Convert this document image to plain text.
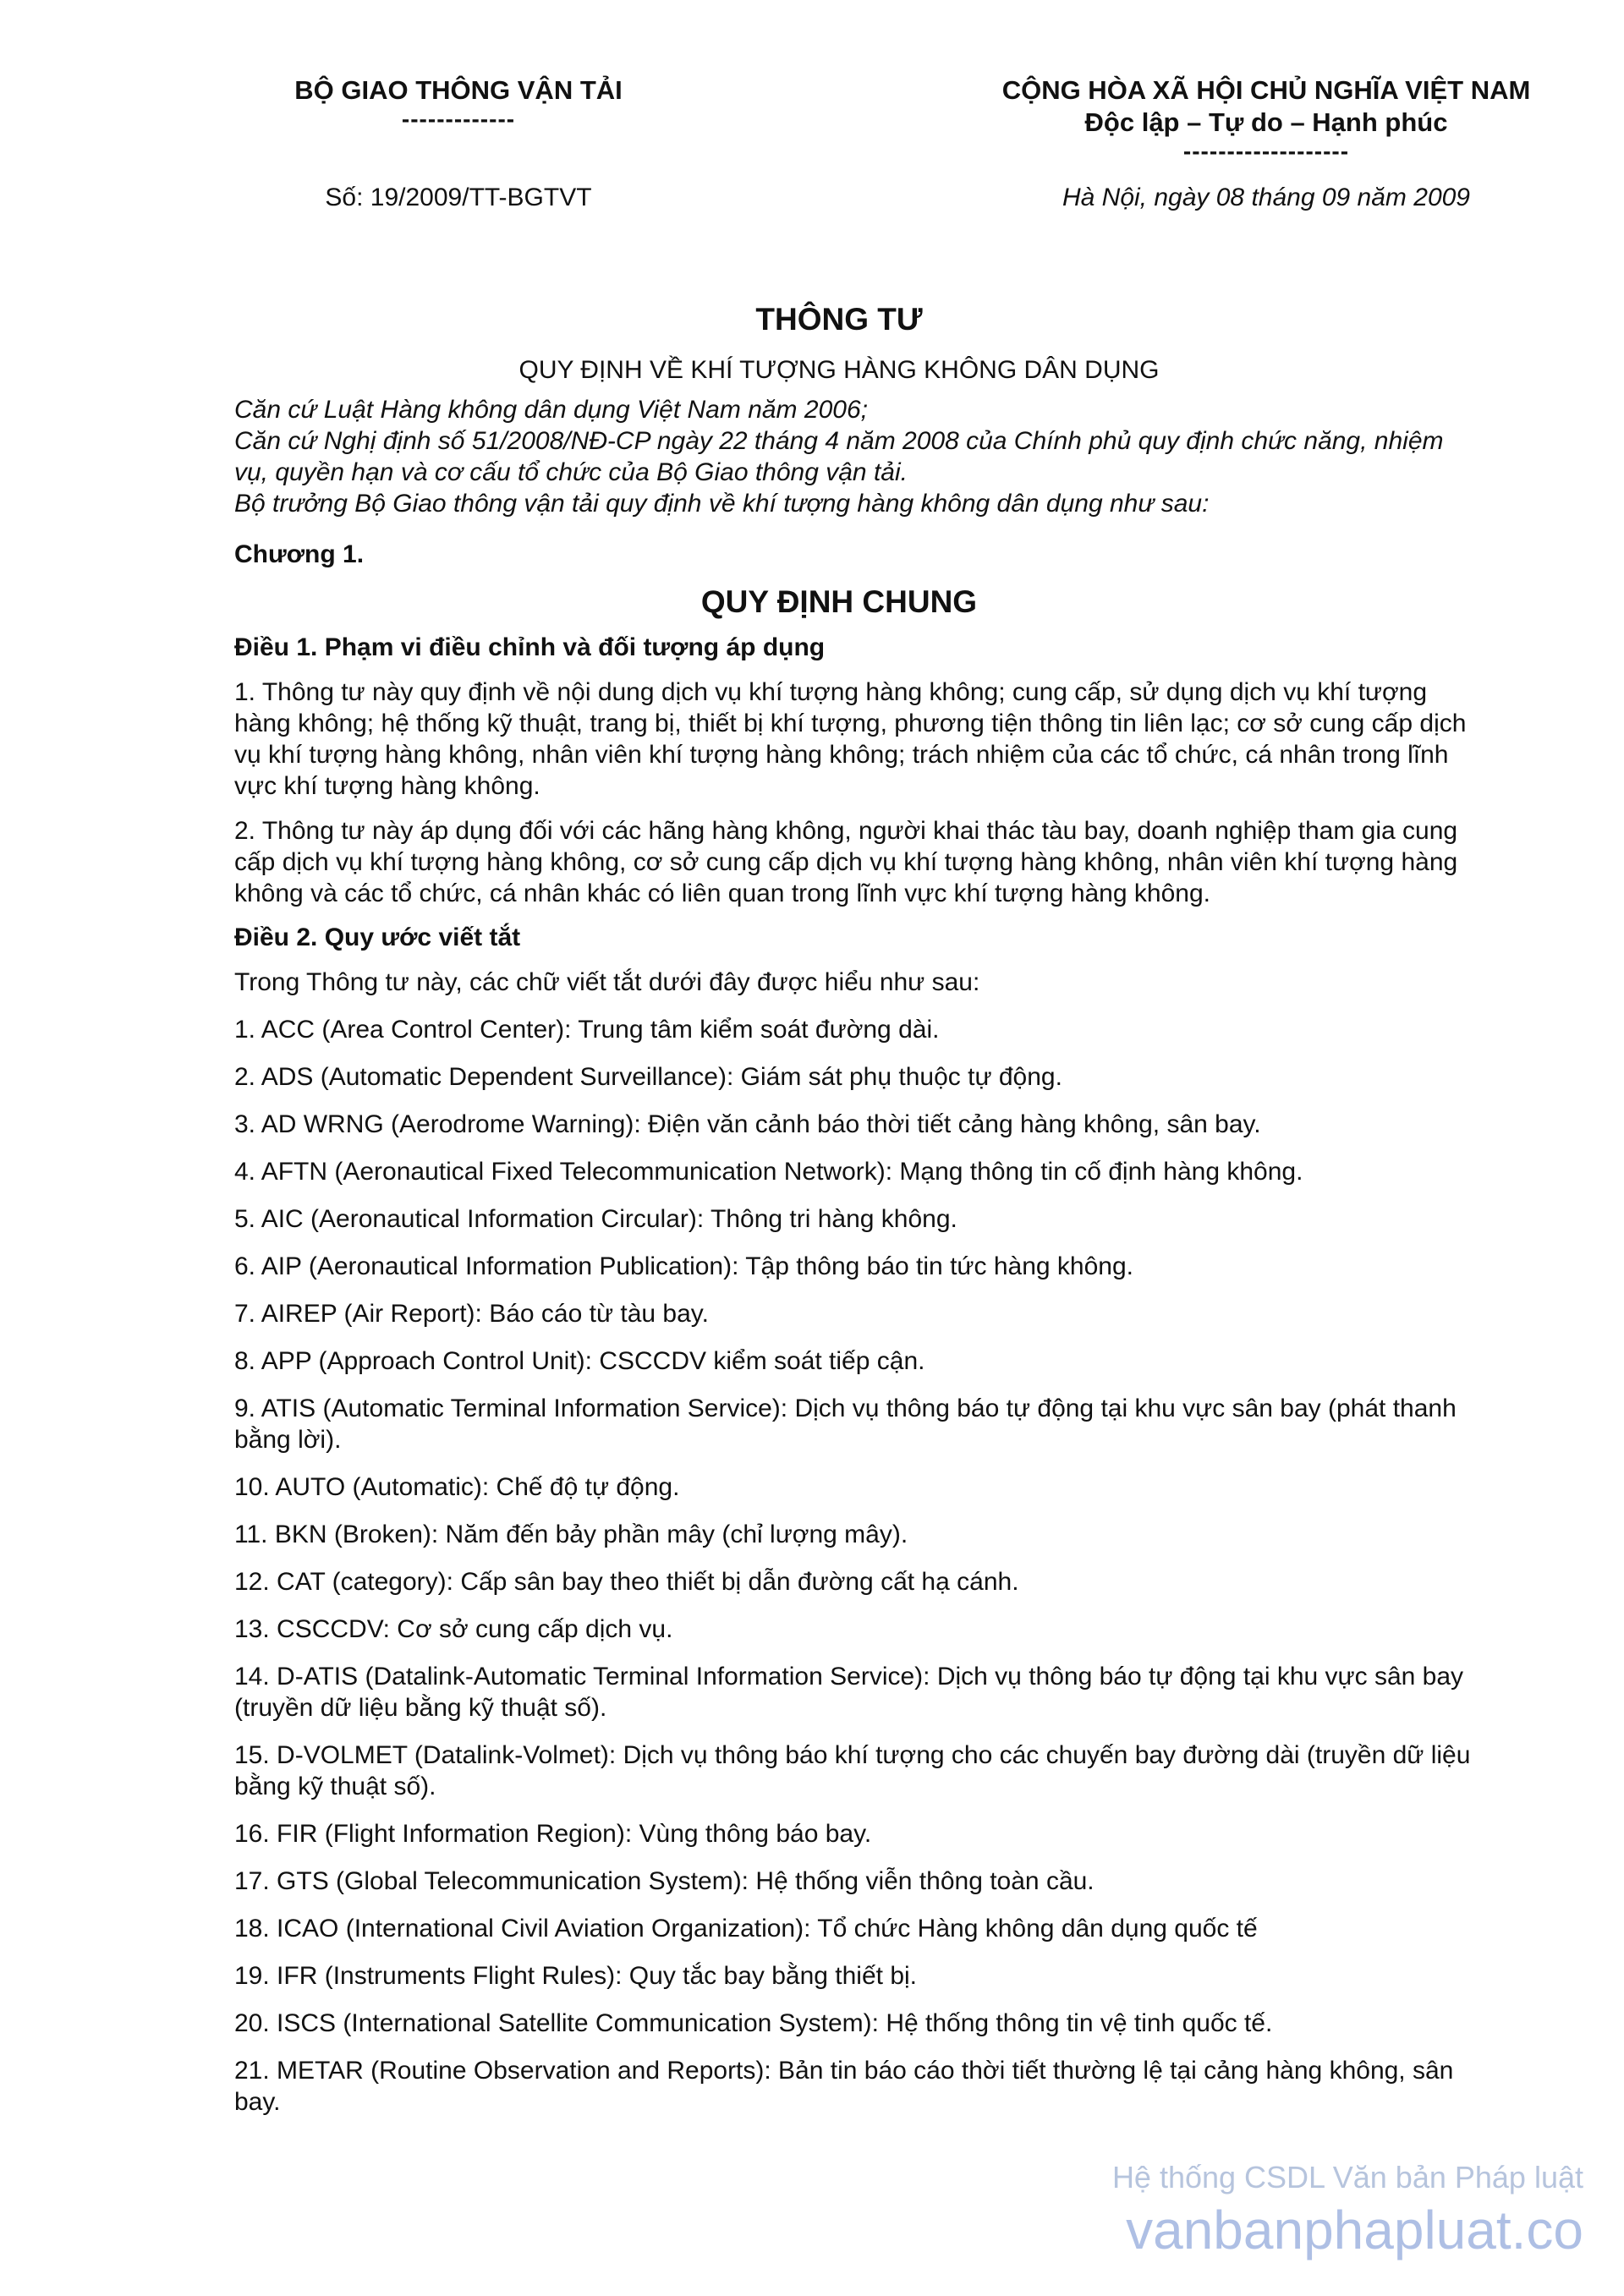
BỘ GIAO THÔNG VẬN TẢI
-------------
CỘNG HÒA XÃ HỘI CHỦ NGHĨA VIỆT NAM
Độc lập – Tự do – Hạnh phúc
-------------------
Số: 19/2009/TT-BGTVT	Hà Nội, ngày 08 tháng 09 năm 2009
THÔNG TƯ
QUY ĐỊNH VỀ KHÍ TƯỢNG HÀNG KHÔNG DÂN DỤNG

Căn cứ Luật Hàng không dân dụng Việt Nam năm 2006;

Căn cứ Nghị định số 51/2008/NĐ-CP ngày 22 tháng 4 năm 2008 của Chính phủ quy định chức năng, nhiệm vụ, quyền hạn và cơ cấu tổ chức của Bộ Giao thông vận tải.

Bộ trưởng Bộ Giao thông vận tải quy định về khí tượng hàng không dân dụng như sau:

Chương 1.
QUY ĐỊNH CHUNG
Điều 1. Phạm vi điều chỉnh và đối tượng áp dụng

1. Thông tư này quy định về nội dung dịch vụ khí tượng hàng không; cung cấp, sử dụng dịch vụ khí tượng hàng không; hệ thống kỹ thuật, trang bị, thiết bị khí tượng, phương tiện thông tin liên lạc; cơ sở cung cấp dịch vụ khí tượng hàng không, nhân viên khí tượng hàng không; trách nhiệm của các tổ chức, cá nhân trong lĩnh vực khí tượng hàng không.

2. Thông tư này áp dụng đối với các hãng hàng không, người khai thác tàu bay, doanh nghiệp tham gia cung cấp dịch vụ khí tượng hàng không, cơ sở cung cấp dịch vụ khí tượng hàng không, nhân viên khí tượng hàng không và các tổ chức, cá nhân khác có liên quan trong lĩnh vực khí tượng hàng không.

Điều 2. Quy ước viết tắt

Trong Thông tư này, các chữ viết tắt dưới đây được hiểu như sau:

1. ACC (Area Control Center): Trung tâm kiểm soát đường dài.
2. ADS (Automatic Dependent Surveillance): Giám sát phụ thuộc tự động.
3. AD WRNG (Aerodrome Warning): Điện văn cảnh báo thời tiết cảng hàng không, sân bay.
4. AFTN (Aeronautical Fixed Telecommunication Network): Mạng thông tin cố định hàng không.
5. AIC (Aeronautical Information Circular): Thông tri hàng không.
6. AIP (Aeronautical Information Publication): Tập thông báo tin tức hàng không.
7. AIREP (Air Report): Báo cáo từ tàu bay.
8. APP (Approach Control Unit): CSCCDV kiểm soát tiếp cận.
9. ATIS (Automatic Terminal Information Service): Dịch vụ thông báo tự động tại khu vực sân bay (phát thanh bằng lời).
10. AUTO (Automatic): Chế độ tự động.
11. BKN (Broken): Năm đến bảy phần mây (chỉ lượng mây).
12. CAT (category): Cấp sân bay theo thiết bị dẫn đường cất hạ cánh.
13. CSCCDV: Cơ sở cung cấp dịch vụ.
14. D-ATIS (Datalink-Automatic Terminal Information Service): Dịch vụ thông báo tự động tại khu vực sân bay (truyền dữ liệu bằng kỹ thuật số).
15. D-VOLMET (Datalink-Volmet): Dịch vụ thông báo khí tượng cho các chuyến bay đường dài (truyền dữ liệu bằng kỹ thuật số).
16. FIR (Flight Information Region): Vùng thông báo bay.
17. GTS (Global Telecommunication System): Hệ thống viễn thông toàn cầu.
18. ICAO (International Civil Aviation Organization): Tổ chức Hàng không dân dụng quốc tế
19. IFR (Instruments Flight Rules): Quy tắc bay bằng thiết bị.
20. ISCS (International Satellite Communication System): Hệ thống thông tin vệ tinh quốc tế.
21. METAR (Routine Observation and Reports): Bản tin báo cáo thời tiết thường lệ tại cảng hàng không, sân bay.
Hệ thống CSDL Văn bản Pháp luật
vanbanphapluat.co
